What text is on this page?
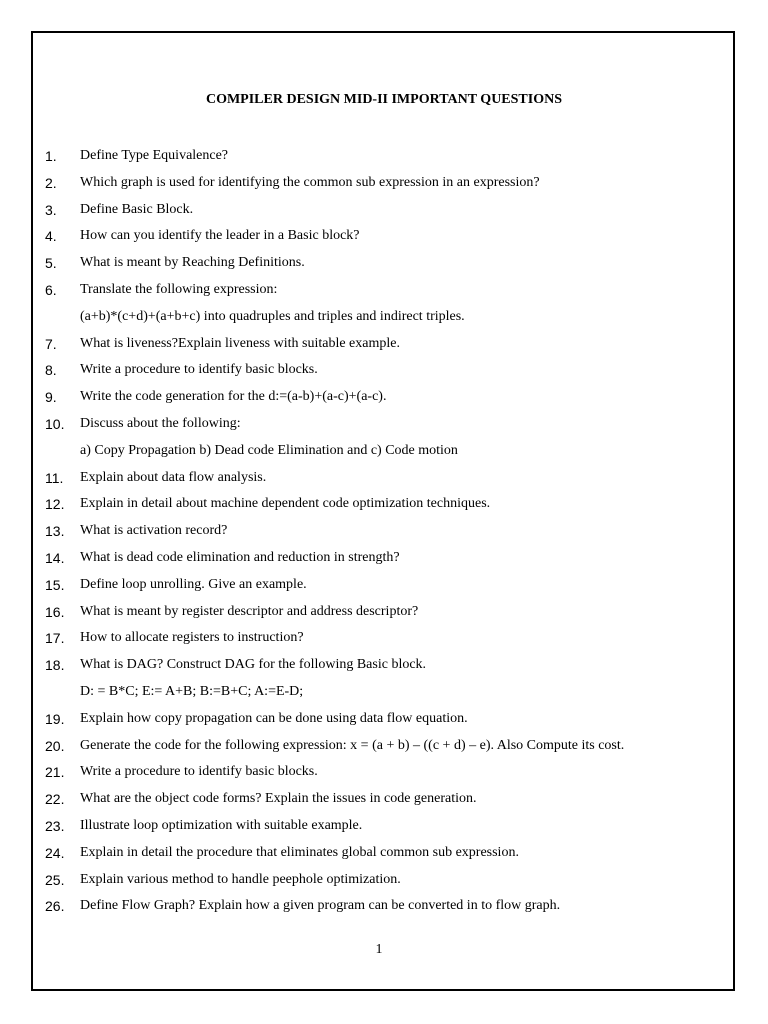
COMPILER DESIGN MID-II IMPORTANT QUESTIONS
1. Define Type Equivalence?
2. Which graph is used for identifying the common sub expression in an expression?
3. Define Basic Block.
4. How can you identify the leader in a Basic block?
5. What is meant by Reaching Definitions.
6. Translate the following expression:
(a+b)*(c+d)+(a+b+c) into quadruples and triples and indirect triples.
7. What is liveness?Explain liveness with suitable example.
8. Write a procedure to identify basic blocks.
9. Write the code generation for the d:=(a-b)+(a-c)+(a-c).
10. Discuss about the following:
a) Copy Propagation b) Dead code Elimination and c) Code motion
11. Explain about data flow analysis.
12. Explain in detail about machine dependent code optimization techniques.
13. What is activation record?
14. What is dead code elimination and reduction in strength?
15. Define loop unrolling. Give an example.
16. What is meant by register descriptor and address descriptor?
17. How to allocate registers to instruction?
18. What is DAG? Construct DAG for the following Basic block.
D: = B*C; E:= A+B; B:=B+C; A:=E-D;
19. Explain how copy propagation can be done using data flow equation.
20. Generate the code for the following expression: x = (a + b) – ((c + d) – e). Also Compute its cost.
21. Write a procedure to identify basic blocks.
22. What are the object code forms? Explain the issues in code generation.
23. Illustrate loop optimization with suitable example.
24. Explain in detail the procedure that eliminates global common sub expression.
25. Explain various method to handle peephole optimization.
26. Define Flow Graph? Explain how a given program can be converted in to flow graph.
1
